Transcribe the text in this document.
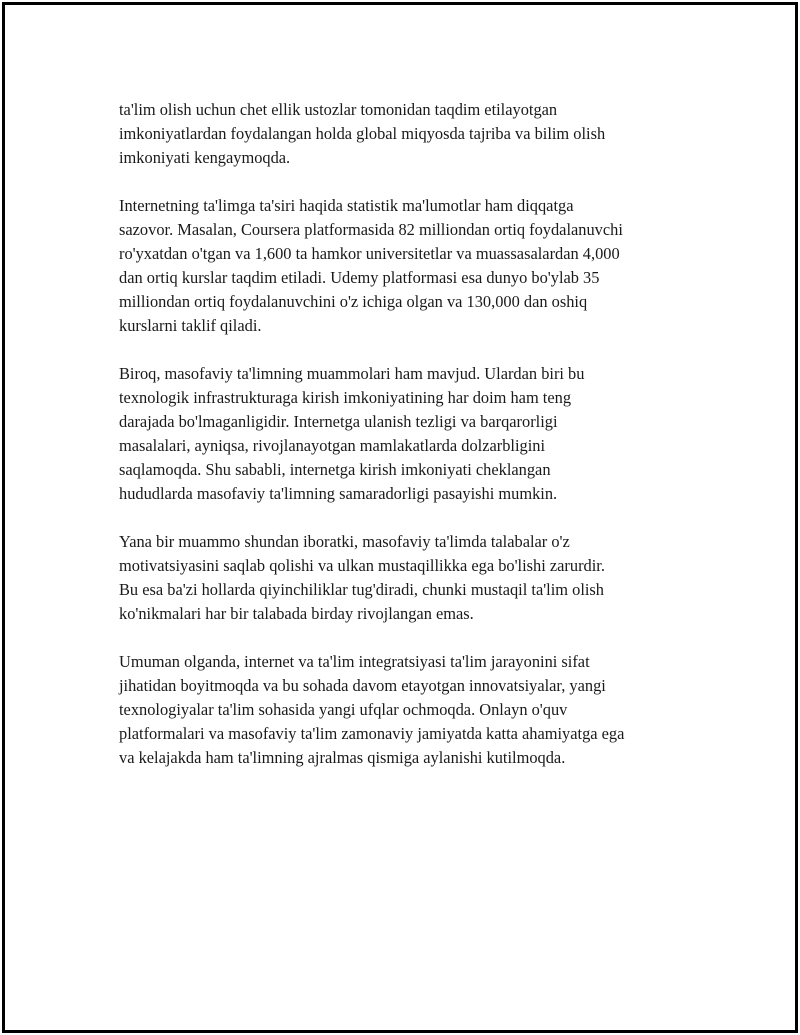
ta'lim olish uchun chet ellik ustozlar tomonidan taqdim etilayotgan
imkoniyatlardan foydalangan holda global miqyosda tajriba va bilim olish
imkoniyati kengaymoqda.

Internetning ta'limga ta'siri haqida statistik ma'lumotlar ham diqqatga
sazovor. Masalan, Coursera platformasida 82 milliondan ortiq foydalanuvchi
ro'yxatdan o'tgan va 1,600 ta hamkor universitetlar va muassasalardan 4,000
dan ortiq kurslar taqdim etiladi. Udemy platformasi esa dunyo bo'ylab 35
milliondan ortiq foydalanuvchini o'z ichiga olgan va 130,000 dan oshiq
kurslarni taklif qiladi.

Biroq, masofaviy ta'limning muammolari ham mavjud. Ulardan biri bu
texnologik infrastrukturaga kirish imkoniyatining har doim ham teng
darajada bo'lmaganligidir. Internetga ulanish tezligi va barqarorligi
masalalari, ayniqsa, rivojlanayotgan mamlakatlarda dolzarbligini
saqlamoqda. Shu sababli, internetga kirish imkoniyati cheklangan
hududlarda masofaviy ta'limning samaradorligi pasayishi mumkin.

Yana bir muammo shundan iboratki, masofaviy ta'limda talabalar o'z
motivatsiyasini saqlab qolishi va ulkan mustaqillikka ega bo'lishi zarurdir.
Bu esa ba'zi hollarda qiyinchiliklar tug'diradi, chunki mustaqil ta'lim olish
ko'nikmalari har bir talabada birday rivojlangan emas.

Umuman olganda, internet va ta'lim integratsiyasi ta'lim jarayonini sifat
jihatidan boyitmoqda va bu sohada davom etayotgan innovatsiyalar, yangi
texnologiyalar ta'lim sohasida yangi ufqlar ochmoqda. Onlayn o'quv
platformalari va masofaviy ta'lim zamonaviy jamiyatda katta ahamiyatga ega
va kelajakda ham ta'limning ajralmas qismiga aylanishi kutilmoqda.
